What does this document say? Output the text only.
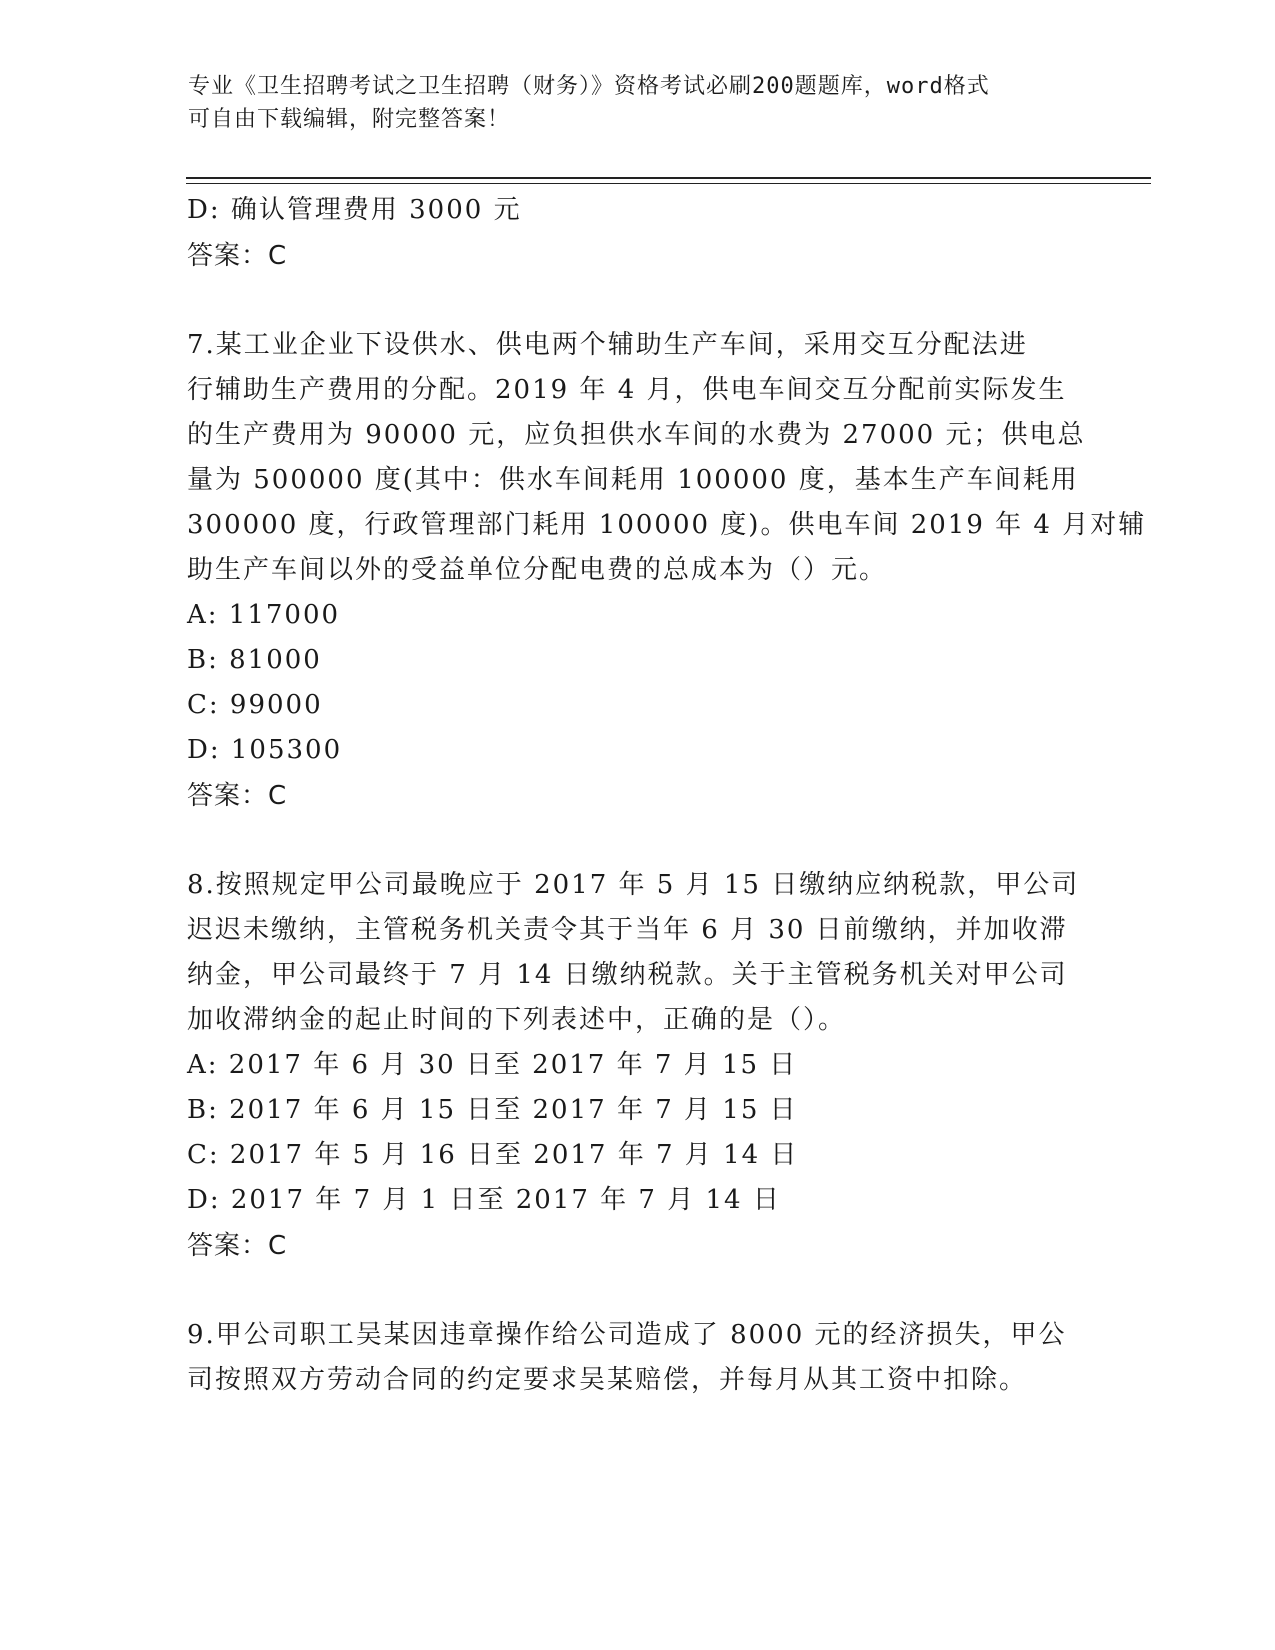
专业《卫生招聘考试之卫生招聘（财务）》资格考试必刷200题题库，word格式
可自由下载编辑，附完整答案！
D: 确认管理费用 3000 元
答案：C
7.某工业企业下设供水、供电两个辅助生产车间，采用交互分配法进
行辅助生产费用的分配。2019 年 4 月，供电车间交互分配前实际发生
的生产费用为 90000 元，应负担供水车间的水费为 27000 元；供电总
量为 500000 度(其中：供水车间耗用 100000 度，基本生产车间耗用
300000 度，行政管理部门耗用 100000 度)。供电车间 2019 年 4 月对辅
助生产车间以外的受益单位分配电费的总成本为（）元。
A: 117000
B: 81000
C: 99000
D: 105300
答案：C
8.按照规定甲公司最晚应于 2017 年 5 月 15 日缴纳应纳税款，甲公司
迟迟未缴纳，主管税务机关责令其于当年 6 月 30 日前缴纳，并加收滞
纳金，甲公司最终于 7 月 14 日缴纳税款。关于主管税务机关对甲公司
加收滞纳金的起止时间的下列表述中，正确的是（）。
A: 2017 年 6 月 30 日至 2017 年 7 月 15 日
B: 2017 年 6 月 15 日至 2017 年 7 月 15 日
C: 2017 年 5 月 16 日至 2017 年 7 月 14 日
D: 2017 年 7 月 1 日至 2017 年 7 月 14 日
答案：C
9.甲公司职工吴某因违章操作给公司造成了 8000 元的经济损失，甲公
司按照双方劳动合同的约定要求吴某赔偿，并每月从其工资中扣除。
